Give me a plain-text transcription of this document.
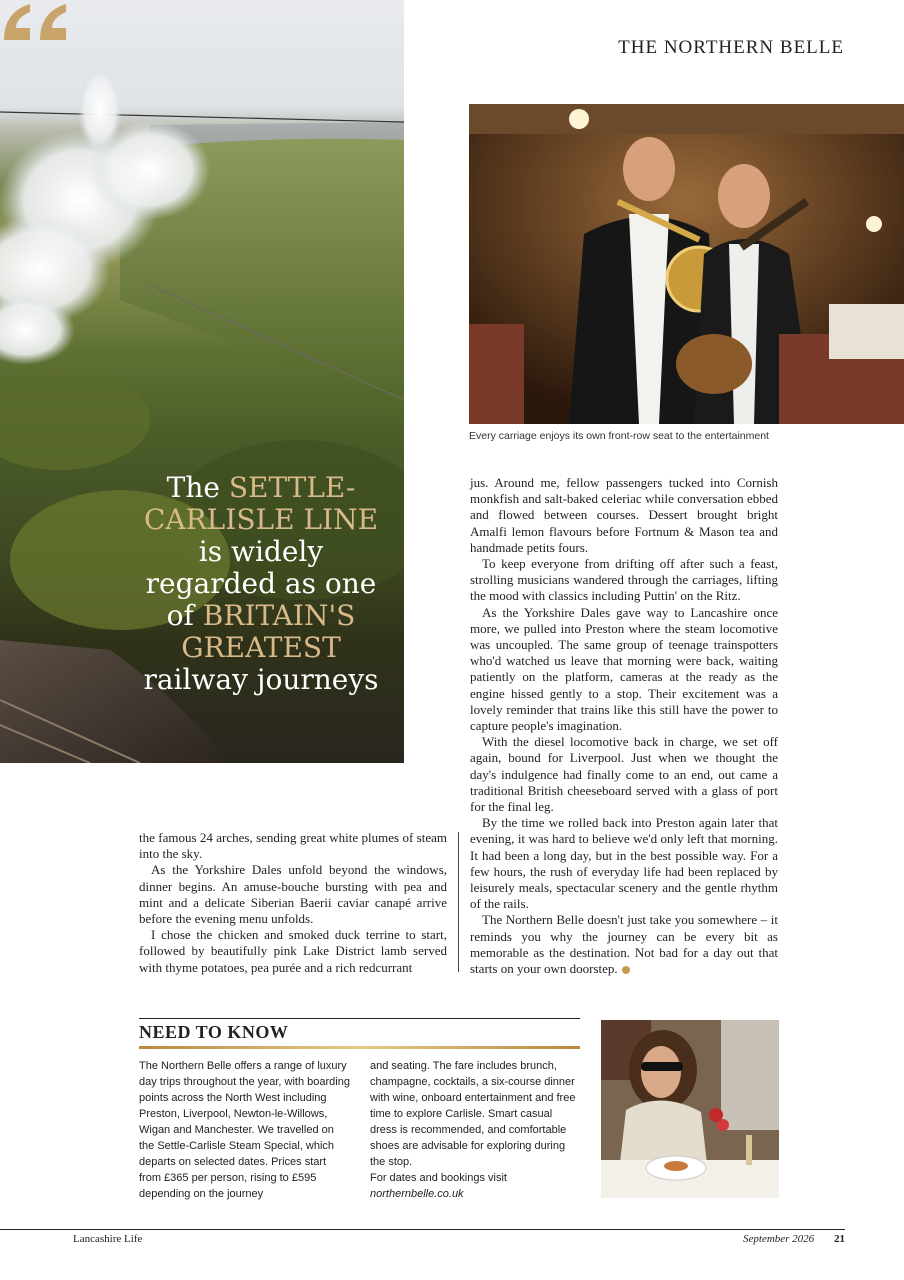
The SETTLE-CARLISLE LINE is widely regarded as one of BRITAIN'S GREATEST railway journeys
THE NORTHERN BELLE
Every carriage enjoys its own front-row seat to the entertainment

jus. Around me, fellow passengers tucked into Cornish monkfish and salt-baked celeriac while conversation ebbed and flowed between courses. Dessert brought bright Amalfi lemon flavours before Fortnum & Mason tea and handmade petits fours.

To keep everyone from drifting off after such a feast, strolling musicians wandered through the carriages, lifting the mood with classics including Puttin' on the Ritz.

As the Yorkshire Dales gave way to Lancashire once more, we pulled into Preston where the steam locomotive was uncoupled. The same group of teenage trainspotters who'd watched us leave that morning were back, waiting patiently on the platform, cameras at the ready as the engine hissed gently to a stop. Their excitement was a lovely reminder that trains like this still have the power to capture people's imagination.

With the diesel locomotive back in charge, we set off again, bound for Liverpool. Just when we thought the day's indulgence had finally come to an end, out came a traditional British cheeseboard served with a glass of port for the final leg.

By the time we rolled back into Preston again later that evening, it was hard to believe we'd only left that morning. It had been a long day, but in the best possible way. For a few hours, the rush of everyday life had been replaced by leisurely meals, spectacular scenery and the gentle rhythm of the rails.

The Northern Belle doesn't just take you somewhere – it reminds you why the journey can be every bit as memorable as the destination. Not bad for a day out that starts on your own doorstep.

the famous 24 arches, sending great white plumes of steam into the sky.

As the Yorkshire Dales unfold beyond the windows, dinner begins. An amuse-bouche bursting with pea and mint and a delicate Siberian Baerii caviar canapé arrive before the evening menu unfolds.

I chose the chicken and smoked duck terrine to start, followed by beautifully pink Lake District lamb served with thyme potatoes, pea purée and a rich redcurrant

NEED TO KNOW
The Northern Belle offers a range of luxury day trips throughout the year, with boarding points across the North West including Preston, Liverpool, Newton-le-Willows, Wigan and Manchester. We travelled on the Settle-Carlisle Steam Special, which departs on selected dates. Prices start from £365 per person, rising to £595 depending on the journey
and seating. The fare includes brunch, champagne, cocktails, a six-course dinner with wine, onboard entertainment and free time to explore Carlisle. Smart casual dress is recommended, and comfortable shoes are advisable for exploring during the stop.
For dates and bookings visit
northernbelle.co.uk
Lancashire Life	September 2026 21
